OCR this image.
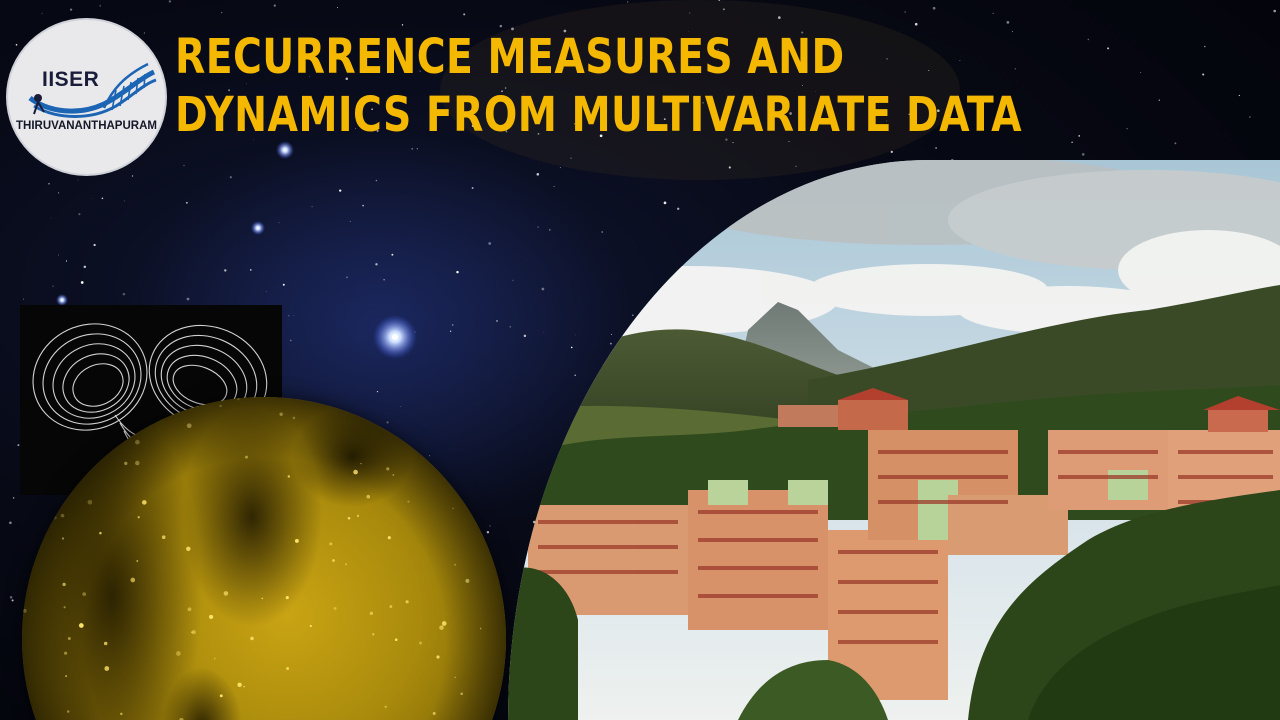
RECURRENCE MEASURES AND
DYNAMICS FROM MULTIVARIATE DATA
IISER
THIRUVANANTHAPURAM
